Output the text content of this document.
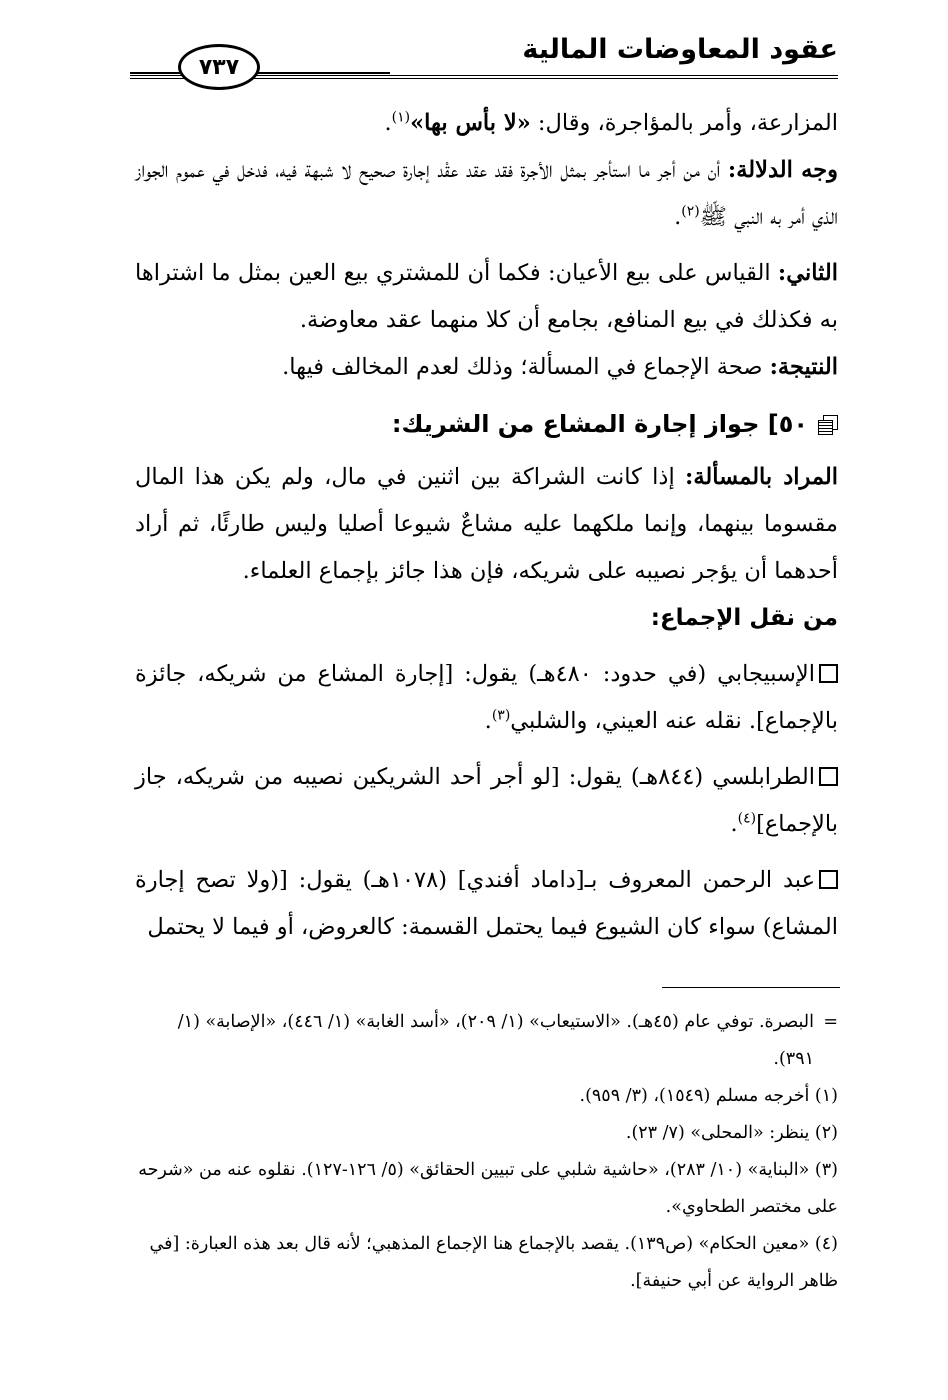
عقود المعاوضات المالية
٧٣٧

المزارعة، وأمر بالمؤاجرة، وقال: «لا بأس بها»$^{(١)}$.

وجه الدلالة: أن من أجر ما استأجر بمثل الأجرة فقد عقد عقْد إجارة صحيح لا شبهة فيه، فدخل في عموم الجواز الذي أمر به النبي ﷺ$^{(٢)}$.

الثاني: القياس على بيع الأعيان: فكما أن للمشتري بيع العين بمثل ما اشتراها به فكذلك في بيع المنافع، بجامع أن كلا منهما عقد معاوضة.

النتيجة: صحة الإجماع في المسألة؛ وذلك لعدم المخالف فيها.

٥٠] جواز إجارة المشاع من الشريك:

المراد بالمسألة: إذا كانت الشراكة بين اثنين في مال، ولم يكن هذا المال مقسوما بينهما، وإنما ملكهما عليه مشاعٌ شيوعا أصليا وليس طارئًا، ثم أراد أحدهما أن يؤجر نصيبه على شريكه، فإن هذا جائز بإجماع العلماء.

من نقل الإجماع:

الإسبيجابي (في حدود: ٤٨٠هـ) يقول: [إجارة المشاع من شريكه، جائزة بالإجماع]. نقله عنه العيني، والشلبي$^{(٣)}$.

الطرابلسي (٨٤٤هـ) يقول: [لو أجر أحد الشريكين نصيبه من شريكه، جاز بالإجماع]$^{(٤)}$.

عبد الرحمن المعروف بـ[داماد أفندي] (١٠٧٨هـ) يقول: [(ولا تصح إجارة المشاع) سواء كان الشيوع فيما يحتمل القسمة: كالعروض، أو فيما لا يحتمل

=
البصرة. توفي عام (٤٥هـ). «الاستيعاب» (١/ ٢٠٩)، «أسد الغابة» (١/ ٤٤٦)، «الإصابة» (١/ ٣٩١).

(١) أخرجه مسلم (١٥٤٩)، (٣/ ٩٥٩).

(٢) ينظر: «المحلى» (٧/ ٢٣).

(٣) «البناية» (١٠/ ٢٨٣)، «حاشية شلبي على تبيين الحقائق» (٥/ ١٢٦-١٢٧). نقلوه عنه من «شرحه على مختصر الطحاوي».

(٤) «معين الحكام» (ص١٣٩). يقصد بالإجماع هنا الإجماع المذهبي؛ لأنه قال بعد هذه العبارة: [في ظاهر الرواية عن أبي حنيفة].
